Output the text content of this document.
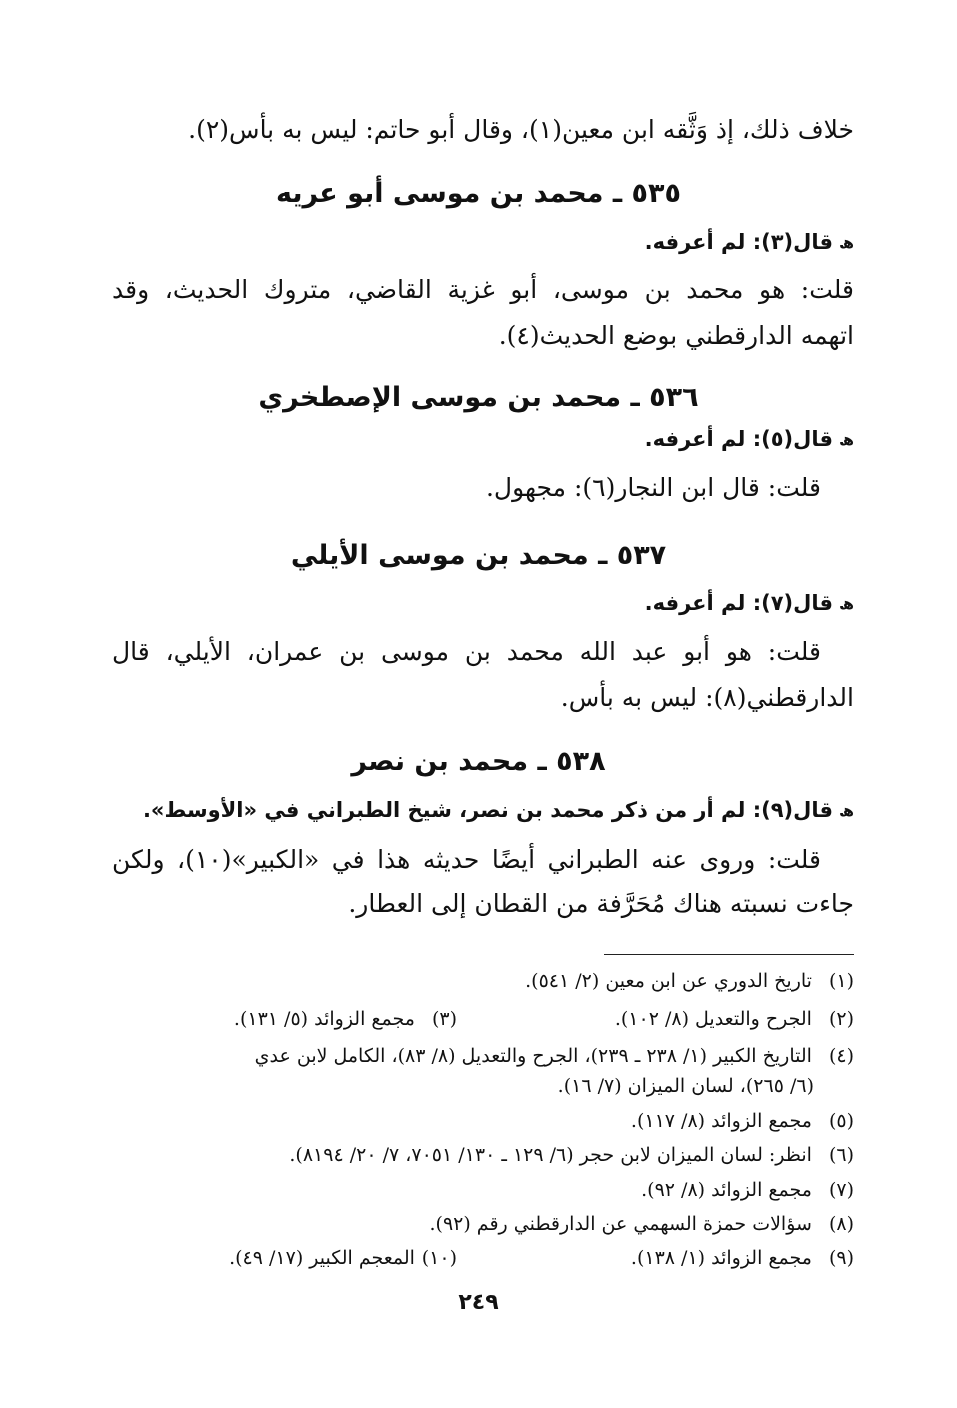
خلاف ذلك، إذ وَثَّقه ابن معين(١)، وقال أبو حاتم: ليس به بأس(٢).
٥٣٥ ـ محمد بن موسى أبو عريه
ﮪقال(٣): لم أعرفه.
قلت: هو محمد بن موسى، أبو غزية القاضي، متروك الحديث، وقد
اتهمه الدارقطني بوضع الحديث(٤).
٥٣٦ ـ محمد بن موسى الإصطخري
ﮪقال(٥): لم أعرفه.
قلت: قال ابن النجار(٦): مجهول.
٥٣٧ ـ محمد بن موسى الأيلي
ﮪقال(٧): لم أعرفه.
قلت: هو أبو عبد الله محمد بن موسى بن عمران، الأيلي، قال
الدارقطني(٨): ليس به بأس.
٥٣٨ ـ محمد بن نصر
ﮪقال(٩): لم أر من ذكر محمد بن نصر، شيخ الطبراني في «الأوسط».
قلت: وروى عنه الطبراني أيضًا حديثه هذا في «الكبير»(١٠)، ولكن
جاءت نسبته هناك مُحَرَّفة من القطان إلى العطار.
(١) تاريخ الدوري عن ابن معين (٢/ ٥٤١).
(٢) الجرح والتعديل (٨/ ١٠٢).
(٣) مجمع الزوائد (٥/ ١٣١).
(٤) التاريخ الكبير (١/ ٢٣٨ ـ ٢٣٩)، الجرح والتعديل (٨/ ٨٣)، الكامل لابن عدي
(٦/ ٢٦٥)، لسان الميزان (٧/ ١٦).
(٥) مجمع الزوائد (٨/ ١١٧).
(٦) انظر: لسان الميزان لابن حجر (٦/ ١٢٩ ـ ١٣٠/ ٧٠٥١، ٧/ ٢٠/ ٨١٩٤).
(٧) مجمع الزوائد (٨/ ٩٢).
(٨) سؤالات حمزة السهمي عن الدارقطني رقم (٩٢).
(٩) مجمع الزوائد (١/ ١٣٨).
(١٠) المعجم الكبير (١٧/ ٤٩).
٢٤٩
